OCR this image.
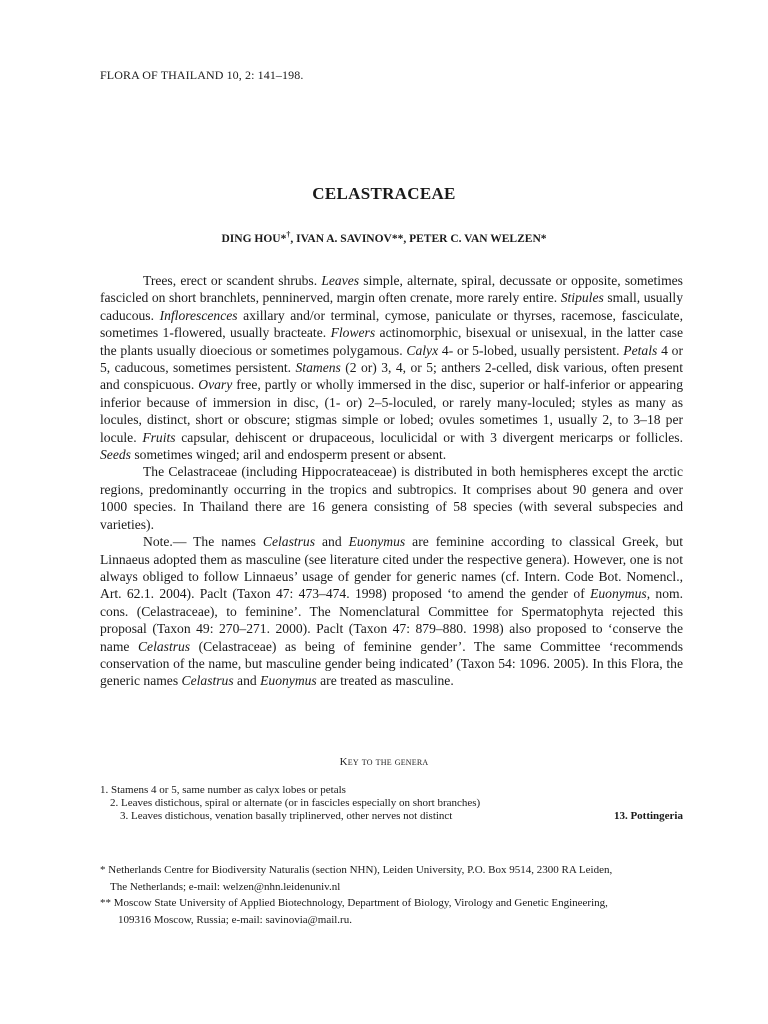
FLORA OF THAILAND 10, 2: 141–198.
CELASTRACEAE
DING HOU*†, IVAN A. SAVINOV**, PETER C. VAN WELZEN*

Trees, erect or scandent shrubs. Leaves simple, alternate, spiral, decussate or opposite, sometimes fascicled on short branchlets, penninerved, margin often crenate, more rarely entire. Stipules small, usually caducous. Inflorescences axillary and/or terminal, cymose, paniculate or thyrses, racemose, fasciculate, sometimes 1-flowered, usually bracteate. Flowers actinomorphic, bisexual or unisexual, in the latter case the plants usually dioecious or sometimes polygamous. Calyx 4- or 5-lobed, usually persistent. Petals 4 or 5, caducous, sometimes persistent. Stamens (2 or) 3, 4, or 5; anthers 2-celled, disk various, often present and conspicuous. Ovary free, partly or wholly immersed in the disc, superior or half-inferior or appearing inferior because of immersion in disc, (1- or) 2–5-loculed, or rarely many-loculed; styles as many as locules, distinct, short or obscure; stigmas simple or lobed; ovules sometimes 1, usually 2, to 3–18 per locule. Fruits capsular, dehiscent or drupaceous, loculicidal or with 3 divergent mericarps or follicles. Seeds sometimes winged; aril and endosperm present or absent.

The Celastraceae (including Hippocrateaceae) is distributed in both hemispheres except the arctic regions, predominantly occurring in the tropics and subtropics. It comprises about 90 genera and over 1000 species. In Thailand there are 16 genera consisting of 58 species (with several subspecies and varieties).

Note.— The names Celastrus and Euonymus are feminine according to classical Greek, but Linnaeus adopted them as masculine (see literature cited under the respective genera). However, one is not always obliged to follow Linnaeus’ usage of gender for generic names (cf. Intern. Code Bot. Nomencl., Art. 62.1. 2004). Paclt (Taxon 47: 473–474. 1998) proposed ‘to amend the gender of Euonymus, nom. cons. (Celastraceae), to feminine’. The Nomenclatural Committee for Spermatophyta rejected this proposal (Taxon 49: 270–271. 2000). Paclt (Taxon 47: 879–880. 1998) also proposed to ‘conserve the name Celastrus (Celastraceae) as being of feminine gender’. The same Committee ‘recommends conservation of the name, but masculine gender being indicated’ (Taxon 54: 1096. 2005). In this Flora, the generic names Celastrus and Euonymus are treated as masculine.

Key to the genera
1. Stamens 4 or 5, same number as calyx lobes or petals
2. Leaves distichous, spiral or alternate (or in fascicles especially on short branches)
3. Leaves distichous, venation basally triplinerved, other nerves not distinct	13. Pottingeria

* Netherlands Centre for Biodiversity Naturalis (section NHN), Leiden University, P.O. Box 9514, 2300 RA Leiden,
The Netherlands; e-mail: welzen@nhn.leidenuniv.nl

** Moscow State University of Applied Biotechnology, Department of Biology, Virology and Genetic Engineering,
109316 Moscow, Russia; e-mail: savinovia@mail.ru.
